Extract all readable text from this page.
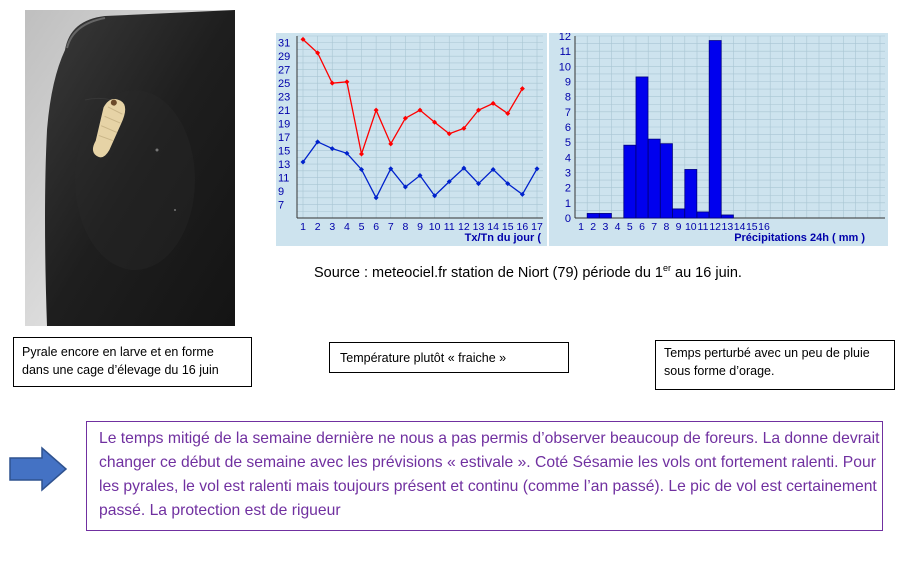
7
9
11
13
15
17
19
21
23
25
27
29
31
1 2 3 4 5 6 7 8 9 10 11 12 13 14 15 16 17
Tx/Tn du jour (
0
1
2
3
4
5
6
7
8
9
10
11
12
1 2 3 4 5 6 7 8 9 10 11 12 13 14 15 16
Précipitations 24h ( mm )
Source : meteociel.fr station de Niort (79) période du 1er au 16 juin.
Pyrale encore en larve et en forme dans une cage d’élevage du 16 juin
Température plutôt « fraiche »	Temps perturbé avec un peu de pluie sous forme d’orage.

Le temps mitigé de la semaine dernière ne nous a pas permis d’observer beaucoup de foreurs. La donne devrait changer ce début de semaine avec les prévisions « estivale ». Coté Sésamie les vols ont fortement ralenti. Pour les pyrales, le vol est ralenti mais toujours présent et continu (comme l’an passé). Le pic de vol est certainement passé. La protection est de rigueur
